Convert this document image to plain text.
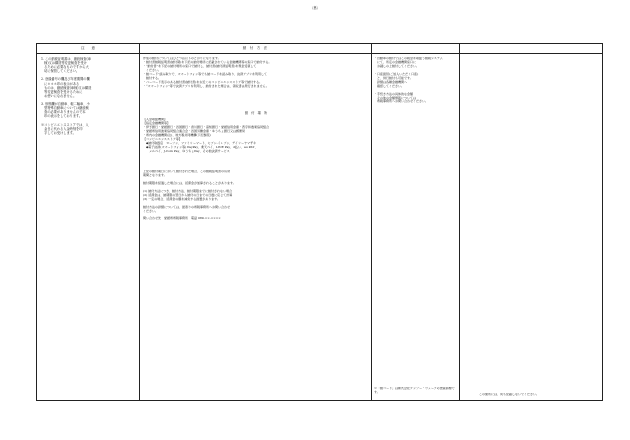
（裏）
注　　意	納　付　方　法
1. この納税証明書は、継続検査(車
　検)又は構造等変更検査を受け
　るために必要なものですから大
　切に保管してください。

2. 登録番号の欄及び年度期間の欄
　に＊＊＊印の表示がある
　ものは、継続検査(車検)又は構造
　等変更検査を受けるために
　お使いになれません。

3. 形態欄が自動車、軽二輪車、小
　型特殊自動車については継続検
　査の必要がありませんので本
　印の表示をしております。

※コンビニエンスストアでは、入
　金日に代わる入金時刻を印
　字してお受けします。
作成の納付についてはひとつは以下のとおりになります。
・納付書納税証明書(納付期)を下記の納付場所に記載されている金融機関等の窓口で納付する。
・“納付書”を下記の納付場所の窓口で納付し、納付書(納付済証明書)を現金受領して
　ください。
・納コード”読み取りで、スマートフォン等でも納コードを読み取り、決済アプリを利用して
　納付する。
・バーコード表示のある納付書(納付書)をお近くのコンビニエンスストア等で納付する。
・“スマートフォン”等で決済アプリを利用し、納付された場合は、領収書は発行されません。
納　付　場　所
【入金取扱機関】
【指定金融機関等】
・伊予銀行・愛媛銀行・四国銀行・香川銀行・高知銀行・愛媛信用金庫・西宇和農業協同組合
・愛媛県信用漁業協同組合連合会・四国労働金庫・ゆうちょ銀行又は郵便局
・県内の金融機関(注)、地方税共同機構(下記参照)
【コンビニエンスストア等】
　◆納付取扱店　ローソン、ファミリーマート、セブン-イレブン、デイリーヤマザキ
　◆電子決済(スマートフォン等) PayPay、楽天ペイ、LINE Pay、d払い、au PAY、
　　メルペイ、J-Coin Pay、ゆうちょPay、その他決済サービス
上記の納付期日において納付された場合、この納税証明書の有効
期間となります。

納付期限を経過した場合には、延滞金が加算されることがあります。

(1) 納付方法につき、納付方法、納付期限までに納付されない場合
(2) 延滞金は、納期限の翌日から納付の日までの日数に応じて計算
(3) 一定の場合、延滞金の額を減免する措置があります。

納付方法の詳細については、最寄りの県税事務所へお問い合わせ
ください。

問い合わせ先　愛媛県県税事務所　電話 089-××-××××
・自動車の納付ではこの税金を取扱う納税システム
　にて、所定の金融機関窓口に
　お越しの上納付してください。

・口座振替(ご加入いただく口座)
　と、併行納付も可能です。
　詳細は各種金融機関へ
　確認してください。

・手続き方法の具体的な金額
　その他の金額情報については
　県税事務所へお問い合わせください。
※「納コード」は株式会社ゲンソー・ウェーブの登録商標です。
この箇所には、何も記載しないでください。
